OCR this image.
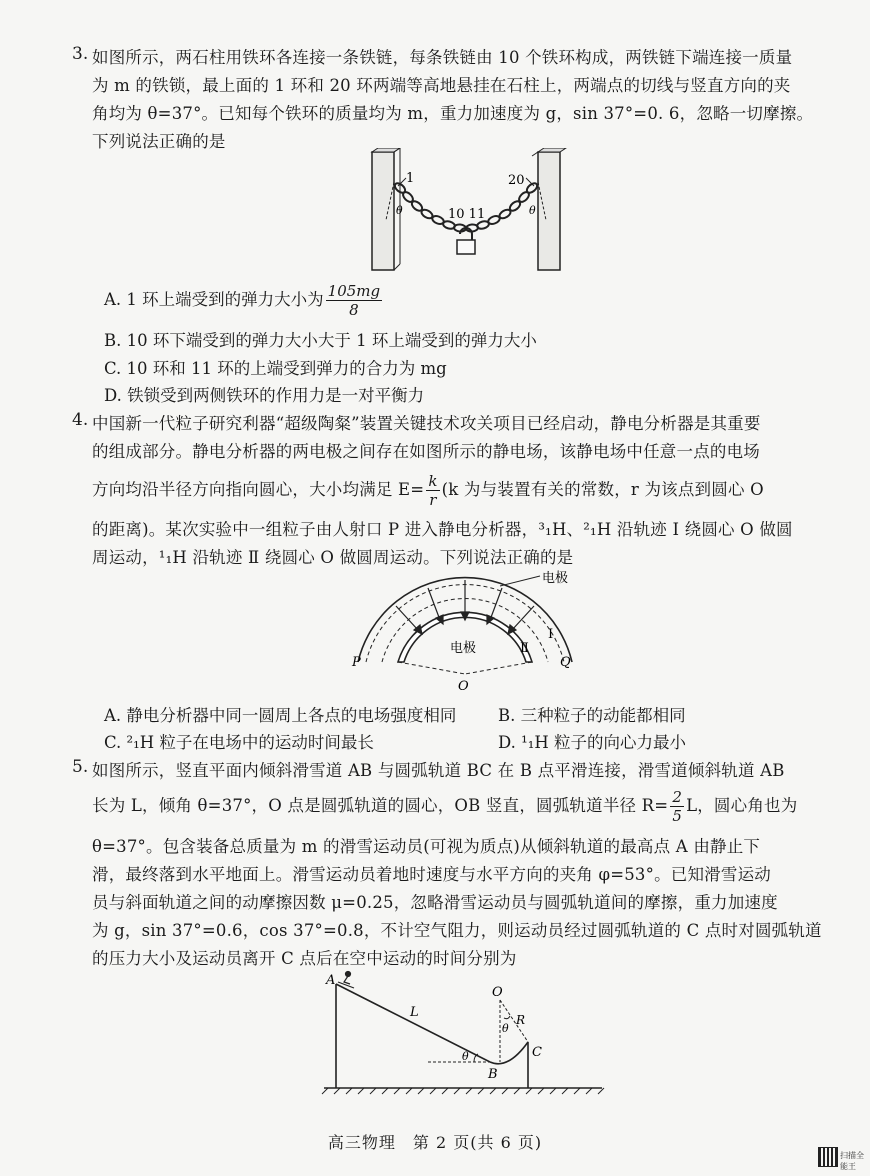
3. 如图所示，两石柱用铁环各连接一条铁链，每条铁链由 10 个铁环构成，两铁链下端连接一质量
为 m 的铁锁，最上面的 1 环和 20 环两端等高地悬挂在石柱上，两端点的切线与竖直方向的夹
角均为 θ=37°。已知每个铁环的质量均为 m，重力加速度为 g，sin 37°=0. 6，忽略一切摩擦。
下列说法正确的是
1	20
10 11
θ	θ
A. 1 环上端受到的弹力大小为 $\frac{105mg}{8}$
B. 10 环下端受到的弹力大小大于 1 环上端受到的弹力大小
C. 10 环和 11 环的上端受到弹力的合力为 mg
D. 铁锁受到两侧铁环的作用力是一对平衡力
4. 中国新一代粒子研究利器“超级陶粲”装置关键技术攻关项目已经启动，静电分析器是其重要
的组成部分。静电分析器的两电极之间存在如图所示的静电场，该静电场中任意一点的电场
方向均沿半径方向指向圆心，大小均满足 $E= \frac{k}{r} (k$ 为与装置有关的常数，r 为该点到圆心 O
的距离)。某次实验中一组粒子由人射口 P 进入静电分析器，³₁H、²₁H 沿轨迹 Ⅰ 绕圆心 O 做圆
周运动，¹₁H 沿轨迹 Ⅱ 绕圆心 O 做圆周运动。下列说法正确的是
电极
电极
Ⅰ
Ⅱ
P	Q
O
A. 静电分析器中同一圆周上各点的电场强度相同	B. 三种粒子的动能都相同
C. ²₁H 粒子在电场中的运动时间最长	D. ¹₁H 粒子的向心力最小
5. 如图所示，竖直平面内倾斜滑雪道 AB 与圆弧轨道 BC 在 B 点平滑连接，滑雪道倾斜轨道 AB
长为 L，倾角 θ=37°，O 点是圆弧轨道的圆心，OB 竖直，圆弧轨道半径 $R= \frac{2}{5}$ L，圆心角也为
θ=37°。包含装备总质量为 m 的滑雪运动员(可视为质点)从倾斜轨道的最高点 A 由静止下
滑，最终落到水平地面上。滑雪运动员着地时速度与水平方向的夹角 φ=53°。已知滑雪运动
员与斜面轨道之间的动摩擦因数 μ=0.25，忽略滑雪运动员与圆弧轨道间的摩擦，重力加速度
为 g，sin 37°=0.6，cos 37°=0.8，不计空气阻力，则运动员经过圆弧轨道的 C 点时对圆弧轨道
的压力大小及运动员离开 C 点后在空中运动的时间分别为
A
L
O
R
θ
θ
B
C
高三物理　第 2 页(共 6 页)
扫描全能王
